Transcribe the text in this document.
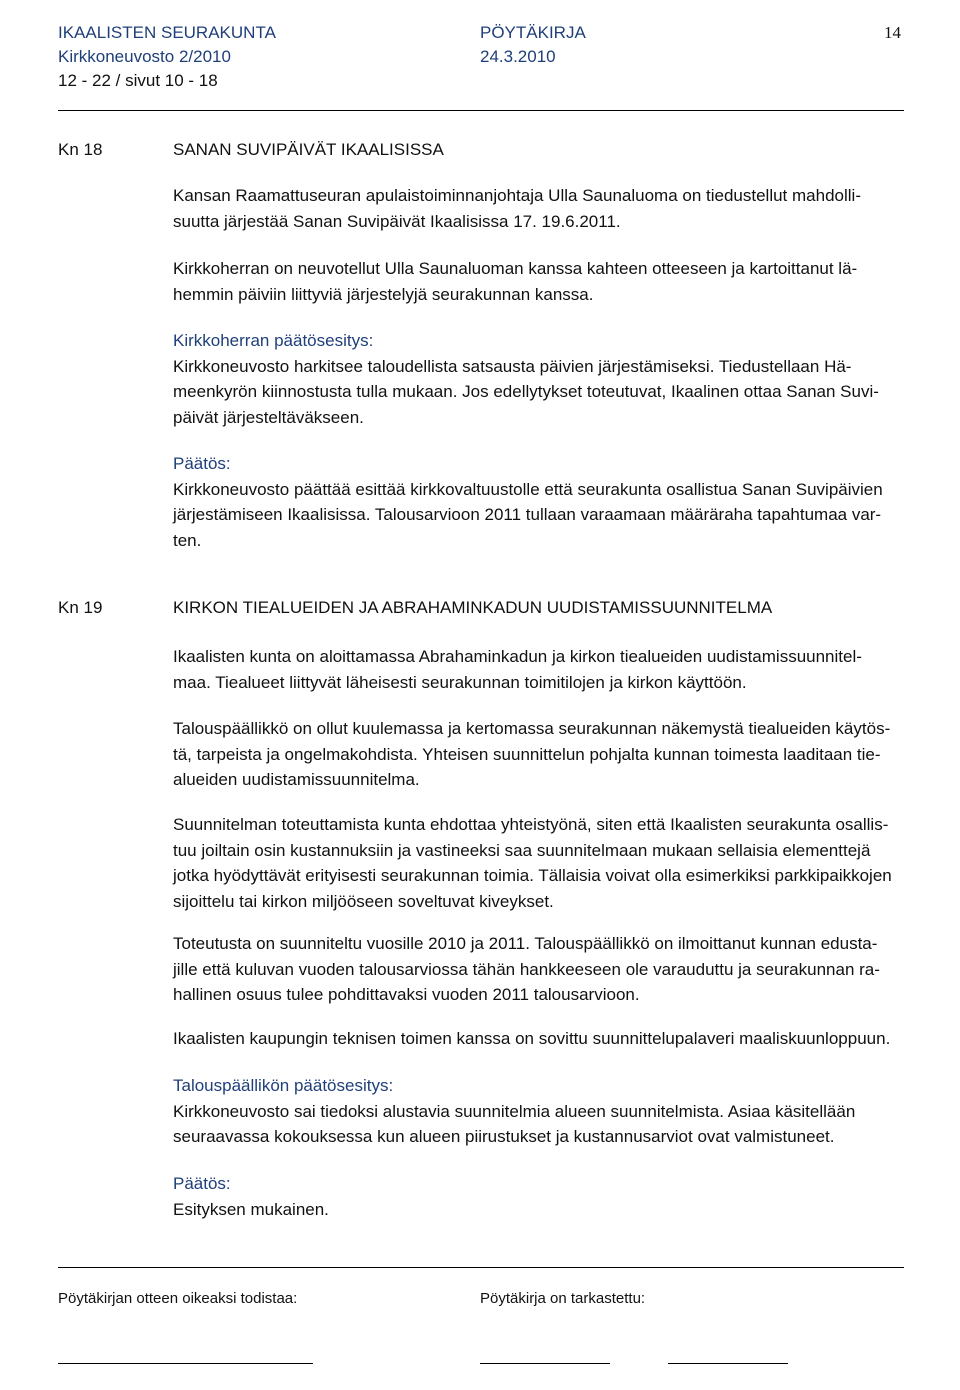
IKAALISTEN SEURAKUNTA	PÖYTÄKIRJA
Kirkkoneuvosto 2/2010	24.3.2010
12 - 22 / sivut 10 - 18
14
Kn 18	SANAN SUVIPÄIVÄT IKAALISISSA
Kansan Raamattuseuran apulaistoiminnanjohtaja Ulla Saunaluoma on tiedustellut mahdolli-
suutta järjestää Sanan Suvipäivät Ikaalisissa 17. 19.6.2011.
Kirkkoherran on neuvotellut Ulla Saunaluoman kanssa kahteen otteeseen ja kartoittanut lä-
hemmin päiviin liittyviä järjestelyjä seurakunnan kanssa.
Kirkkoherran päätösesitys:
Kirkkoneuvosto harkitsee taloudellista satsausta päivien järjestämiseksi. Tiedustellaan Hä-
meenkyrön kiinnostusta tulla mukaan. Jos edellytykset toteutuvat, Ikaalinen ottaa Sanan Suvi-
päivät järjesteltäväkseen.
Päätös:
Kirkkoneuvosto päättää esittää kirkkovaltuustolle että seurakunta osallistua Sanan Suvipäivien
järjestämiseen Ikaalisissa. Talousarvioon 2011 tullaan varaamaan määräraha tapahtumaa var-
ten.
Kn 19	KIRKON TIEALUEIDEN JA ABRAHAMINKADUN UUDISTAMISSUUNNITELMA
Ikaalisten kunta on aloittamassa Abrahaminkadun ja kirkon tiealueiden uudistamissuunnitel-
maa. Tiealueet liittyvät läheisesti seurakunnan toimitilojen ja kirkon käyttöön.
Talouspäällikkö on ollut kuulemassa ja kertomassa seurakunnan näkemystä tiealueiden käytös-
tä, tarpeista ja ongelmakohdista. Yhteisen suunnittelun pohjalta kunnan toimesta laaditaan tie-
alueiden uudistamissuunnitelma.
Suunnitelman toteuttamista kunta ehdottaa yhteistyönä, siten että Ikaalisten seurakunta osallis-
tuu joiltain osin kustannuksiin ja vastineeksi saa suunnitelmaan mukaan sellaisia elementtejä
jotka hyödyttävät erityisesti seurakunnan toimia. Tällaisia voivat olla esimerkiksi parkkipaikkojen
sijoittelu tai kirkon miljööseen soveltuvat kiveykset.
Toteutusta on suunniteltu vuosille 2010 ja 2011. Talouspäällikkö on ilmoittanut kunnan edusta-
jille että kuluvan vuoden talousarviossa tähän hankkeeseen ole varauduttu ja seurakunnan ra-
hallinen osuus tulee pohdittavaksi vuoden 2011 talousarvioon.
Ikaalisten kaupungin teknisen toimen kanssa on sovittu suunnittelupalaveri maaliskuunloppuun.
Talouspäällikön päätösesitys:
Kirkkoneuvosto sai tiedoksi alustavia suunnitelmia alueen suunnitelmista. Asiaa käsitellään
seuraavassa kokouksessa kun alueen piirustukset ja kustannusarviot ovat valmistuneet.
Päätös:
Esityksen mukainen.
Pöytäkirjan otteen oikeaksi todistaa:	Pöytäkirja on tarkastettu:
